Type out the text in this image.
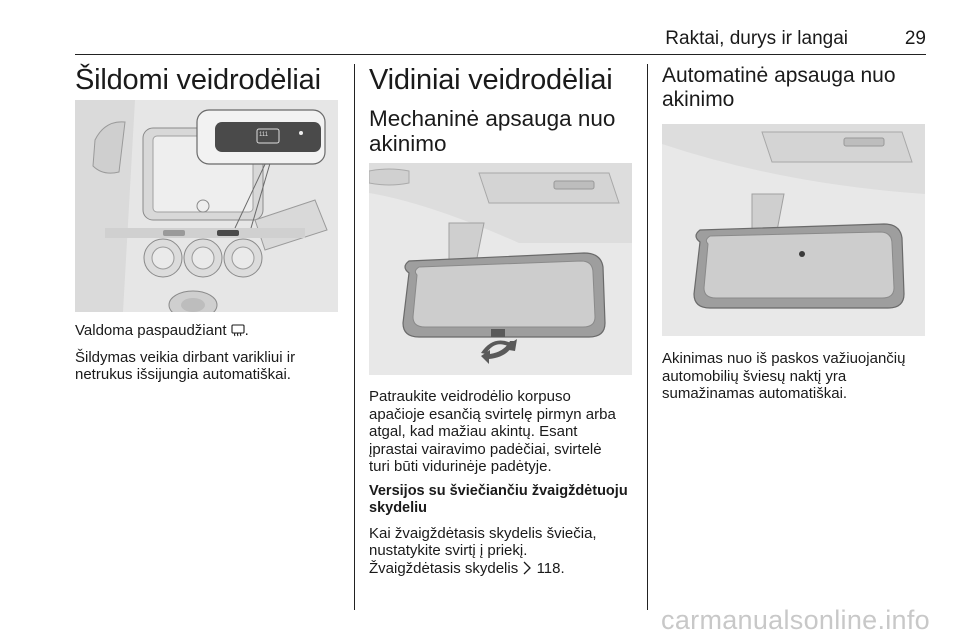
Raktai, durys ir langai	29
Šildomi veidrodėliai
111

Valdoma paspaudžiant .

Šildymas veikia dirbant varikliui ir
netrukus išsijungia automatiškai.

Vidiniai veidrodėliai
Mechaninė apsauga nuo
akinimo

Patraukite veidrodėlio korpuso
apačioje esančią svirtelę pirmyn arba
atgal, kad mažiau akintų. Esant
įprastai vairavimo padėčiai, svirtelė
turi būti vidurinėje padėtyje.

Versijos su šviečiančiu žvaigždėtuoju
skydeliu

Kai žvaigždėtasis skydelis šviečia,
nustatykite svirtį į priekį.
Žvaigždėtasis skydelis 118.

Automatinė apsauga nuo
akinimo

Akinimas nuo iš paskos važiuojančių
automobilių šviesų naktį yra
sumažinamas automatiškai.

carmanualsonline.info
